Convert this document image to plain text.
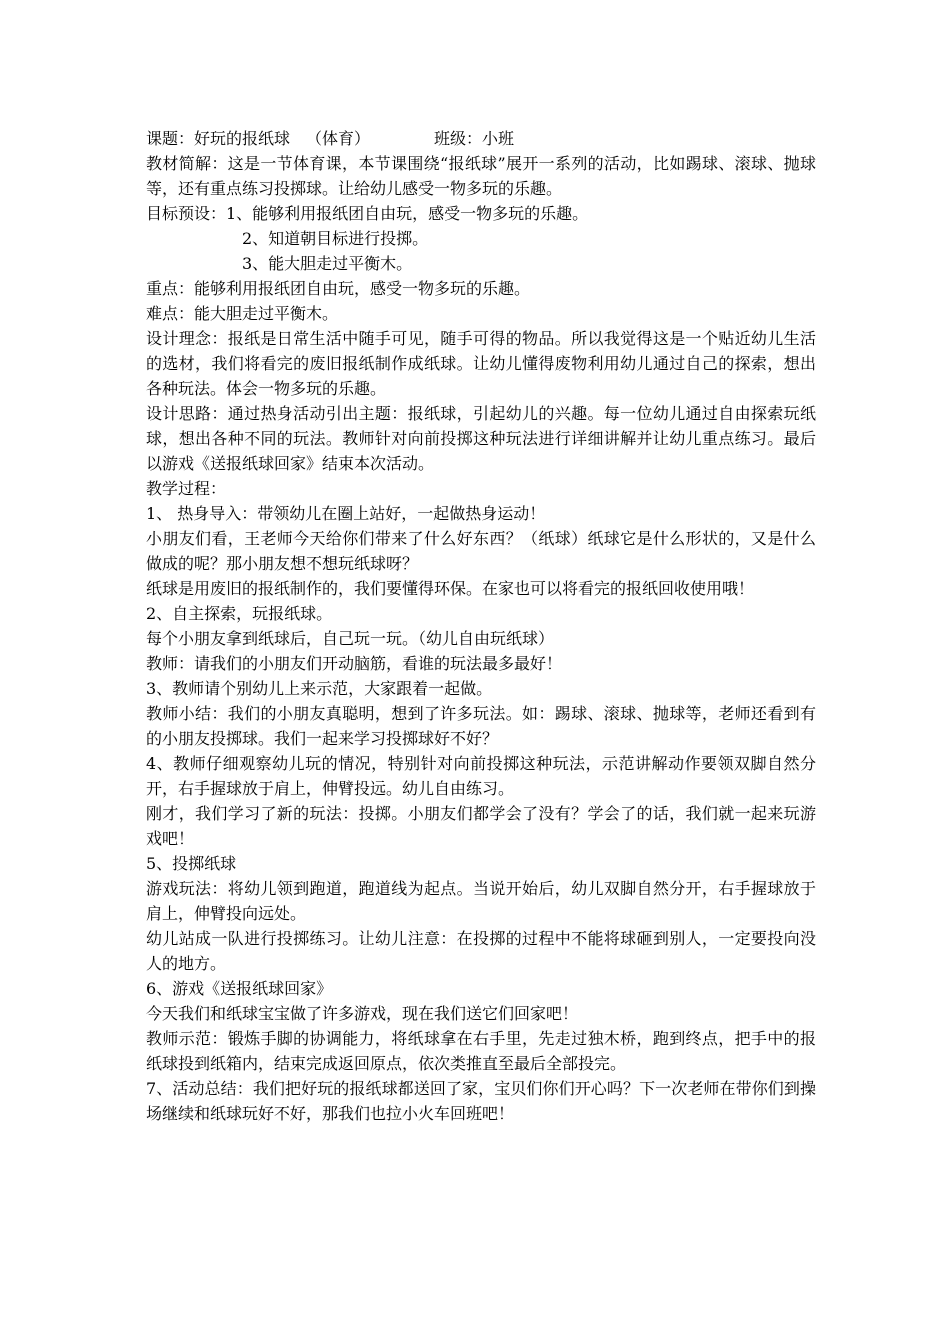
课题：好玩的报纸球 （体育）	班级：小班

教材简解：这是一节体育课，本节课围绕“报纸球”展开一系列的活动，比如踢球、滚球、抛球等，还有重点练习投掷球。让给幼儿感受一物多玩的乐趣。

目标预设：1、能够利用报纸团自由玩，感受一物多玩的乐趣。

2、知道朝目标进行投掷。

3、能大胆走过平衡木。

重点：能够利用报纸团自由玩，感受一物多玩的乐趣。

难点：能大胆走过平衡木。

设计理念：报纸是日常生活中随手可见，随手可得的物品。所以我觉得这是一个贴近幼儿生活的选材，我们将看完的废旧报纸制作成纸球。让幼儿懂得废物利用幼儿通过自己的探索，想出各种玩法。体会一物多玩的乐趣。

设计思路：通过热身活动引出主题：报纸球，引起幼儿的兴趣。每一位幼儿通过自由探索玩纸球，想出各种不同的玩法。教师针对向前投掷这种玩法进行详细讲解并让幼儿重点练习。最后以游戏《送报纸球回家》结束本次活动。

教学过程：

1、 热身导入：带领幼儿在圈上站好，一起做热身运动！

小朋友们看，王老师今天给你们带来了什么好东西？（纸球）纸球它是什么形状的，又是什么做成的呢？那小朋友想不想玩纸球呀？

纸球是用废旧的报纸制作的，我们要懂得环保。在家也可以将看完的报纸回收使用哦！

2、自主探索，玩报纸球。

每个小朋友拿到纸球后，自己玩一玩。（幼儿自由玩纸球）

教师：请我们的小朋友们开动脑筋，看谁的玩法最多最好！

3、教师请个别幼儿上来示范，大家跟着一起做。

教师小结：我们的小朋友真聪明，想到了许多玩法。如：踢球、滚球、抛球等，老师还看到有的小朋友投掷球。我们一起来学习投掷球好不好？

4、教师仔细观察幼儿玩的情况，特别针对向前投掷这种玩法，示范讲解动作要领双脚自然分开，右手握球放于肩上，伸臂投远。幼儿自由练习。

刚才，我们学习了新的玩法：投掷。小朋友们都学会了没有？学会了的话，我们就一起来玩游戏吧！

5、投掷纸球

游戏玩法：将幼儿领到跑道，跑道线为起点。当说开始后，幼儿双脚自然分开，右手握球放于肩上，伸臂投向远处。

幼儿站成一队进行投掷练习。让幼儿注意：在投掷的过程中不能将球砸到别人，一定要投向没人的地方。

6、游戏《送报纸球回家》

今天我们和纸球宝宝做了许多游戏，现在我们送它们回家吧！

教师示范：锻炼手脚的协调能力，将纸球拿在右手里，先走过独木桥，跑到终点，把手中的报纸球投到纸箱内，结束完成返回原点，依次类推直至最后全部投完。

7、活动总结：我们把好玩的报纸球都送回了家，宝贝们你们开心吗？下一次老师在带你们到操场继续和纸球玩好不好，那我们也拉小火车回班吧！
